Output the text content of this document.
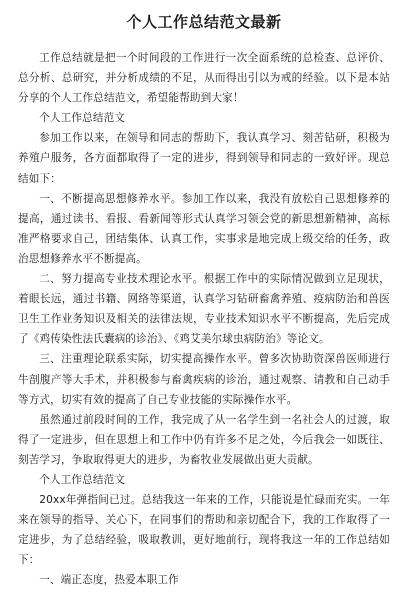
个人工作总结范文最新

工作总结就是把一个时间段的工作进行一次全面系统的总检查、总评价、总分析、总研究，并分析成绩的不足，从而得出引以为戒的经验。以下是本站分享的个人工作总结范文，希望能帮助到大家！

个人工作总结范文

参加工作以来，在领导和同志的帮助下，我认真学习、刻苦钻研，积极为养殖户服务，各方面都取得了一定的进步，得到领导和同志的一致好评。现总结如下：

一、不断提高思想修养水平。参加工作以来，我没有放松自己思想修养的提高，通过读书、看报、看新闻等形式认真学习领会党的新思想新精神，高标准严格要求自己，团结集体、认真工作，实事求是地完成上级交给的任务，政治思想修养水平不断提高。

二、努力提高专业技术理论水平。根据工作中的实际情况做到立足现状，着眼长远，通过书籍、网络等渠道，认真学习钻研畜禽养殖、疫病防治和兽医卫生工作业务知识及相关的法律法规，专业技术知识水平不断提高，先后完成了《鸡传染性法氏囊病的诊治》、《鸡艾美尔球虫病防治》等论文。

三、注重理论联系实际，切实提高操作水平。曾多次协助资深兽医师进行牛剖腹产等大手术，并积极参与畜禽疾病的诊治，通过观察、请教和自己动手等方式，切实有效的提高了自己专业技能的实际操作水平。

虽然通过前段时间的工作，我完成了从一名学生到一名社会人的过渡，取得了一定进步，但在思想上和工作中仍有许多不足之处，今后我会一如既往、刻苦学习，争取取得更大的进步，为畜牧业发展做出更大贡献。

个人工作总结范文

20xx年弹指间已过。总结我这一年来的工作，只能说是忙碌而充实。一年来在领导的指导、关心下，在同事们的帮助和亲切配合下，我的工作取得了一定进步，为了总结经验，吸取教训，更好地前行，现将我这一年的工作总结如下：

一、端正态度，热爱本职工作
